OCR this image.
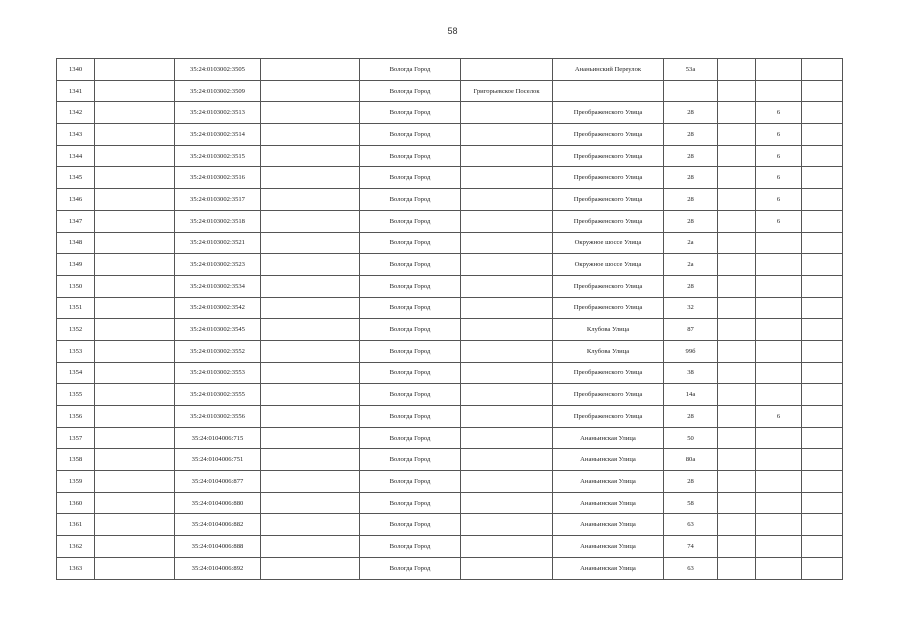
58
1340		35:24:0103002:3505		Вологда Город		Ананьинский Переулок	53а			
1341		35:24:0103002:3509		Вологда Город	Григорьевское Поселок					
1342		35:24:0103002:3513		Вологда Город		Преображенского Улица	28		6	
1343		35:24:0103002:3514		Вологда Город		Преображенского Улица	28		6	
1344		35:24:0103002:3515		Вологда Город		Преображенского Улица	28		6	
1345		35:24:0103002:3516		Вологда Город		Преображенского Улица	28		6	
1346		35:24:0103002:3517		Вологда Город		Преображенского Улица	28		6	
1347		35:24:0103002:3518		Вологда Город		Преображенского Улица	28		6	
1348		35:24:0103002:3521		Вологда Город		Окружное шоссе Улица	2а			
1349		35:24:0103002:3523		Вологда Город		Окружное шоссе Улица	2а			
1350		35:24:0103002:3534		Вологда Город		Преображенского Улица	28			
1351		35:24:0103002:3542		Вологда Город		Преображенского Улица	32			
1352		35:24:0103002:3545		Вологда Город		Клубова Улица	87			
1353		35:24:0103002:3552		Вологда Город		Клубова Улица	99б			
1354		35:24:0103002:3553		Вологда Город		Преображенского Улица	38			
1355		35:24:0103002:3555		Вологда Город		Преображенского Улица	14а			
1356		35:24:0103002:3556		Вологда Город		Преображенского Улица	28		6	
1357		35:24:0104006:715		Вологда Город		Ананьинская Улица	50			
1358		35:24:0104006:751		Вологда Город		Ананьинская Улица	80а			
1359		35:24:0104006:877		Вологда Город		Ананьинская Улица	28			
1360		35:24:0104006:880		Вологда Город		Ананьинская Улица	58			
1361		35:24:0104006:882		Вологда Город		Ананьинская Улица	63			
1362		35:24:0104006:888		Вологда Город		Ананьинская Улица	74			
1363		35:24:0104006:892		Вологда Город		Ананьинская Улица	63			
